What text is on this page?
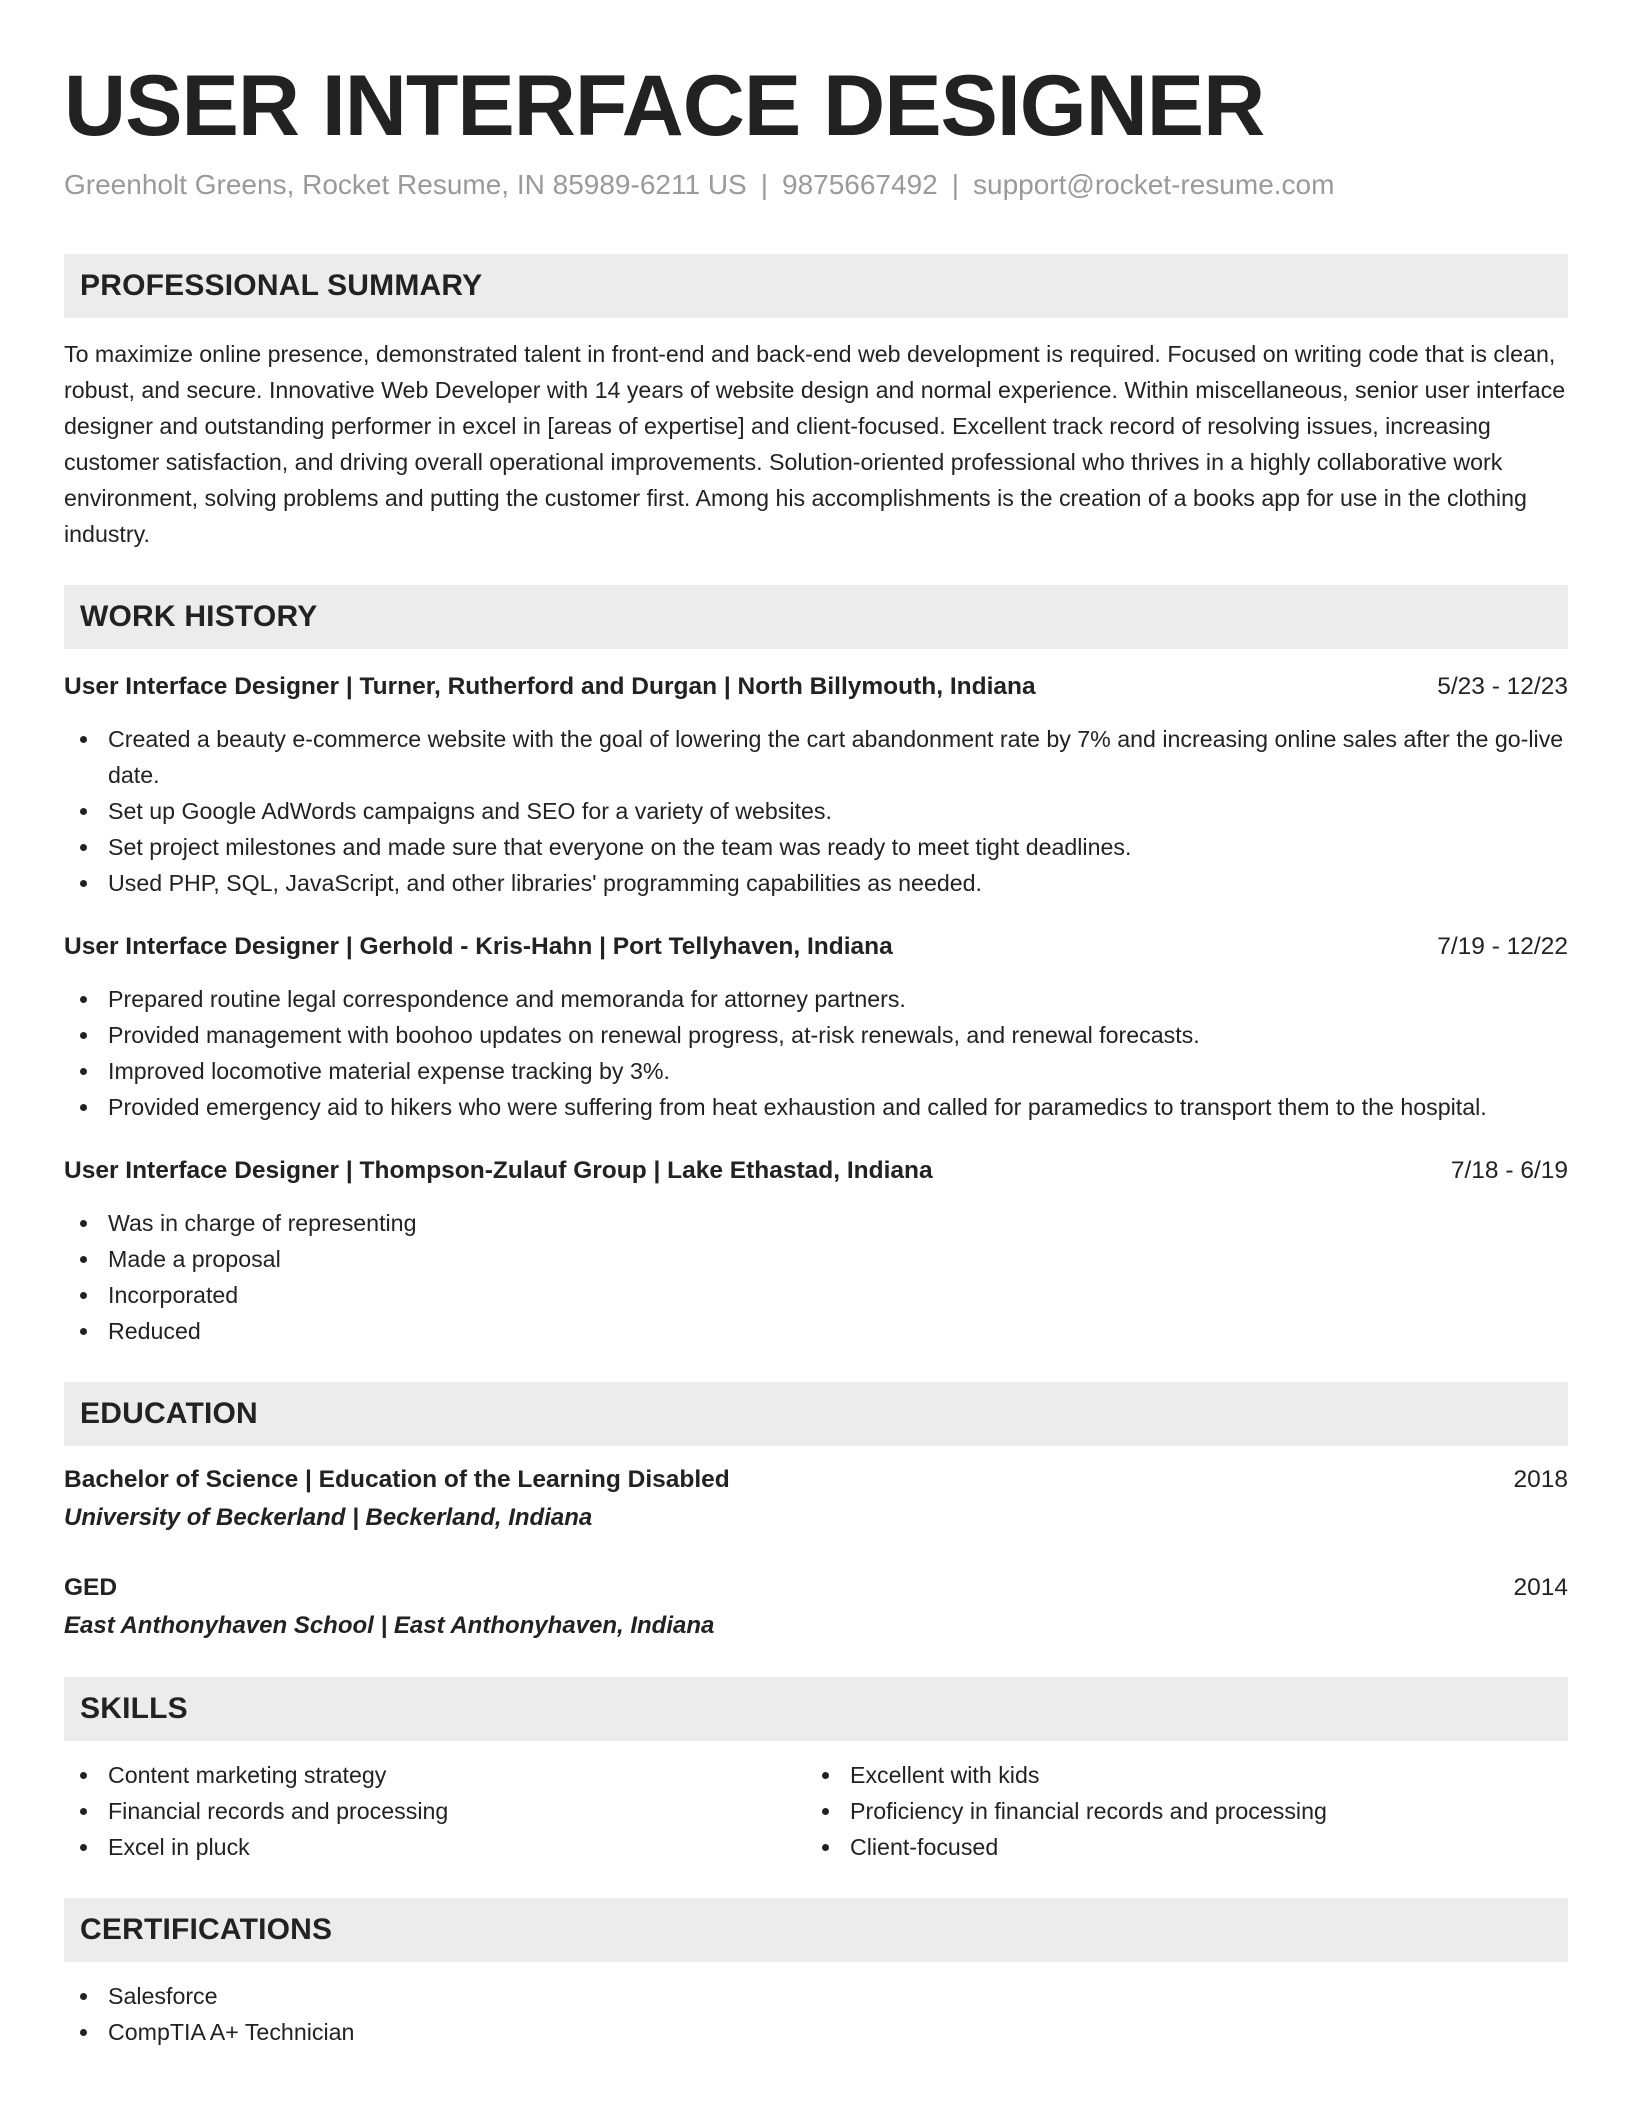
USER INTERFACE DESIGNER
Greenholt Greens, Rocket Resume, IN 85989-6211 US | 9875667492 | support@rocket-resume.com
PROFESSIONAL SUMMARY

To maximize online presence, demonstrated talent in front-end and back-end web development is required. Focused on writing code that is clean, robust, and secure. Innovative Web Developer with 14 years of website design and normal experience. Within miscellaneous, senior user interface designer and outstanding performer in excel in [areas of expertise] and client-focused. Excellent track record of resolving issues, increasing customer satisfaction, and driving overall operational improvements. Solution-oriented professional who thrives in a highly collaborative work environment, solving problems and putting the customer first. Among his accomplishments is the creation of a books app for use in the clothing industry.

WORK HISTORY
User Interface Designer | Turner, Rutherford and Durgan | North Billymouth, Indiana	5/23 - 12/23
Created a beauty e-commerce website with the goal of lowering the cart abandonment rate by 7% and increasing online sales after the go-live date.
Set up Google AdWords campaigns and SEO for a variety of websites.
Set project milestones and made sure that everyone on the team was ready to meet tight deadlines.
Used PHP, SQL, JavaScript, and other libraries' programming capabilities as needed.
User Interface Designer | Gerhold - Kris-Hahn | Port Tellyhaven, Indiana	7/19 - 12/22
Prepared routine legal correspondence and memoranda for attorney partners.
Provided management with boohoo updates on renewal progress, at-risk renewals, and renewal forecasts.
Improved locomotive material expense tracking by 3%.
Provided emergency aid to hikers who were suffering from heat exhaustion and called for paramedics to transport them to the hospital.
User Interface Designer | Thompson-Zulauf Group | Lake Ethastad, Indiana	7/18 - 6/19
Was in charge of representing
Made a proposal
Incorporated
Reduced
EDUCATION
Bachelor of Science | Education of the Learning Disabled	2018
University of Beckerland | Beckerland, Indiana
GED	2014
East Anthonyhaven School | East Anthonyhaven, Indiana
SKILLS
Content marketing strategy
Financial records and processing
Excel in pluck
Excellent with kids
Proficiency in financial records and processing
Client-focused
CERTIFICATIONS
Salesforce
CompTIA A+ Technician
